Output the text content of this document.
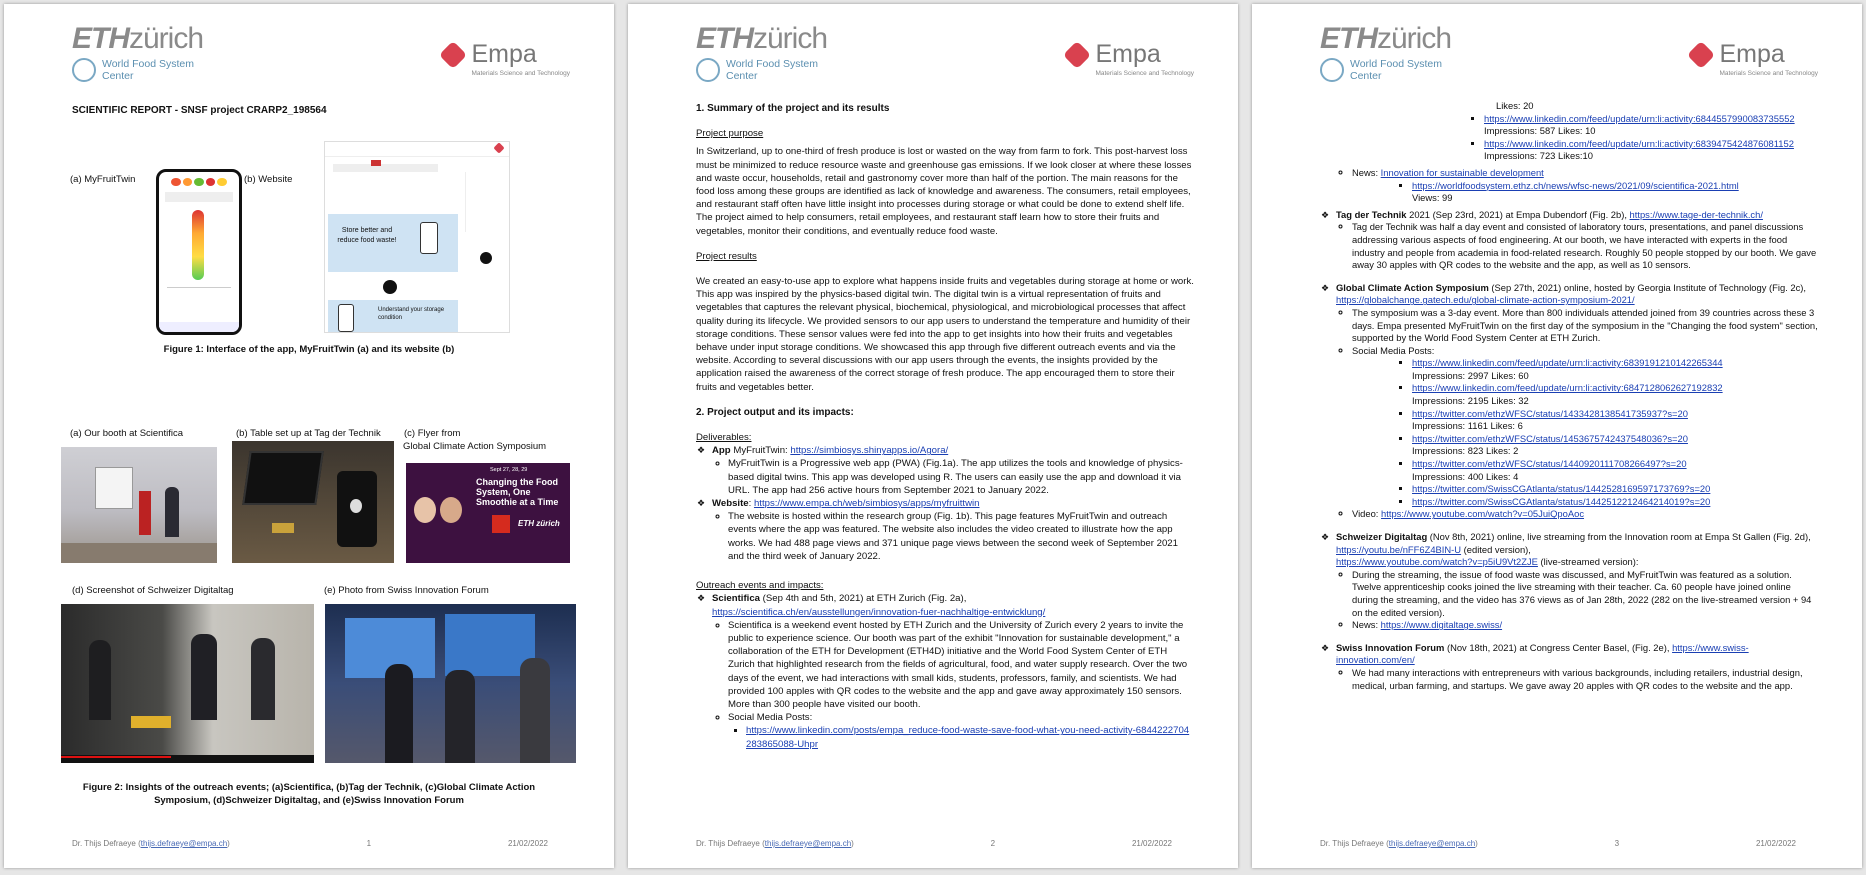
ETHzürich
World Food System
Center
Empa
Materials Science and Technology
SCIENTIFIC REPORT - SNSF project CRARP2_198564
(a) MyFruitTwin	(b) Website
Store better and reduce food waste!
Understand your storage condition
Figure 1: Interface of the app, MyFruitTwin (a) and its website (b)
(a) Our booth at Scientifica	(b) Table set up at Tag der Technik (c) Flyer from
Global Climate Action Symposium
Sept 27, 28, 29
Changing the Food System, One Smoothie at a Time
ETH zürich
(d) Screenshot of Schweizer Digitaltag	(e) Photo from Swiss Innovation Forum
Figure 2: Insights of the outreach events; (a)Scientifica, (b)Tag der Technik, (c)Global Climate Action
Symposium, (d)Schweizer Digitaltag, and (e)Swiss Innovation Forum
Dr. Thijs Defraeye (thijs.defraeye@empa.ch)	1	21/02/2022
ETHzürich
World Food System
Center
Empa
Materials Science and Technology
1. Summary of the project and its results

Project purpose

In Switzerland, up to one-third of fresh produce is lost or wasted on the way from farm to fork. This post-harvest loss must be minimized to reduce resource waste and greenhouse gas emissions. If we look closer at where these losses and waste occur, households, retail and gastronomy cover more than half of the portion. The main reasons for the food loss among these groups are identified as lack of knowledge and awareness. The consumers, retail employees, and restaurant staff often have little insight into processes during storage or what could be done to extend shelf life. The project aimed to help consumers, retail employees, and restaurant staff learn how to store their fruits and vegetables, monitor their conditions, and eventually reduce food waste.

Project results

We created an easy-to-use app to explore what happens inside fruits and vegetables during storage at home or work. This app was inspired by the physics-based digital twin. The digital twin is a virtual representation of fruits and vegetables that captures the relevant physical, biochemical, physiological, and microbiological processes that affect quality during its lifecycle. We provided sensors to our app users to understand the temperature and humidity of their storage conditions. These sensor values were fed into the app to get insights into how their fruits and vegetables behave under input storage conditions. We showcased this app through five different outreach events and via the website. According to several discussions with our app users through the events, the insights provided by the application raised the awareness of the correct storage of fresh produce. The app encouraged them to store their fruits and vegetables better.

2. Project output and its impacts:

Deliverables:

❖ App MyFruitTwin: https://simbiosys.shinyapps.io/Agora/
◦ MyFruitTwin is a Progressive web app (PWA) (Fig.1a). The app utilizes the tools and knowledge of physics-based digital twins. This app was developed using R. The users can easily use the app and download it via URL. The app had 256 active hours from September 2021 to January 2022.
❖ Website: https://www.empa.ch/web/simbiosys/apps/myfruittwin
◦ The website is hosted within the research group (Fig. 1b). This page features MyFruitTwin and outreach events where the app was featured. The website also includes the video created to illustrate how the app works. We had 488 page views and 371 unique page views between the second week of September 2021 and the third week of January 2022.

Outreach events and impacts:

❖ Scientifica (Sep 4th and 5th, 2021) at ETH Zurich (Fig. 2a),
https://scientifica.ch/en/ausstellungen/innovation-fuer-nachhaltige-entwicklung/
◦ Scientifica is a weekend event hosted by ETH Zurich and the University of Zurich every 2 years to invite the public to experience science. Our booth was part of the exhibit "Innovation for sustainable development," a collaboration of the ETH for Development (ETH4D) initiative and the World Food System Center of ETH Zurich that highlighted research from the fields of agricultural, food, and water supply research. Over the two days of the event, we had interactions with small kids, students, professors, family, and scientists. We had provided 100 apples with QR codes to the website and the app and gave away approximately 150 sensors. More than 300 people have visited our booth.
◦ Social Media Posts:
▪ https://www.linkedin.com/posts/empa_reduce-food-waste-save-food-what-you-need-activity-6844222704283865088-Uhpr
Dr. Thijs Defraeye (thijs.defraeye@empa.ch)	2	21/02/2022
ETHzürich
World Food System
Center
Empa
Materials Science and Technology
Likes: 20
▪ https://www.linkedin.com/feed/update/urn:li:activity:6844557990083735552
Impressions: 587 Likes: 10
▪ https://www.linkedin.com/feed/update/urn:li:activity:6839475424876081152
Impressions: 723 Likes:10
◦ News: Innovation for sustainable development
▪ https://worldfoodsystem.ethz.ch/news/wfsc-news/2021/09/scientifica-2021.html
Views: 99
❖ Tag der Technik 2021 (Sep 23rd, 2021) at Empa Dubendorf (Fig. 2b), https://www.tage-der-technik.ch/
◦ Tag der Technik was half a day event and consisted of laboratory tours, presentations, and panel discussions addressing various aspects of food engineering. At our booth, we have interacted with experts in the food industry and people from academia in food-related research. Roughly 50 people stopped by our booth. We gave away 30 apples with QR codes to the website and the app, as well as 10 sensors.
❖ Global Climate Action Symposium (Sep 27th, 2021) online, hosted by Georgia Institute of Technology (Fig. 2c), https://globalchange.gatech.edu/global-climate-action-symposium-2021/
◦ The symposium was a 3-day event. More than 800 individuals attended joined from 39 countries across these 3 days. Empa presented MyFruitTwin on the first day of the symposium in the "Changing the food system" section, supported by the World Food System Center at ETH Zurich.
◦ Social Media Posts:
▪ https://www.linkedin.com/feed/update/urn:li:activity:6839191210142265344
Impressions: 2997 Likes: 60
▪ https://www.linkedin.com/feed/update/urn:li:activity:6847128062627192832
Impressions: 2195 Likes: 32
▪ https://twitter.com/ethzWFSC/status/1433428138541735937?s=20
Impressions: 1161 Likes: 6
▪ https://twitter.com/ethzWFSC/status/1453675742437548036?s=20
Impressions: 823 Likes: 2
▪ https://twitter.com/ethzWFSC/status/1440920111708266497?s=20
Impressions: 400 Likes: 4
▪ https://twitter.com/SwissCGAtlanta/status/1442528169597173769?s=20
▪ https://twitter.com/SwissCGAtlanta/status/1442512212464214019?s=20
◦ Video: https://www.youtube.com/watch?v=05JuiQpoAoc
❖ Schweizer Digitaltag (Nov 8th, 2021) online, live streaming from the Innovation room at Empa St Gallen (Fig. 2d), https://youtu.be/nFF6Z4BIN-U (edited version),
https://www.youtube.com/watch?v=p5iU9Vt2ZJE (live-streamed version):
◦ During the streaming, the issue of food waste was discussed, and MyFruitTwin was featured as a solution. Twelve apprenticeship cooks joined the live streaming with their teacher. Ca. 60 people have joined online during the streaming, and the video has 376 views as of Jan 28th, 2022 (282 on the live-streamed version + 94 on the edited version).
◦ News: https://www.digitaltage.swiss/
❖ Swiss Innovation Forum (Nov 18th, 2021) at Congress Center Basel, (Fig. 2e), https://www.swiss-innovation.com/en/
◦ We had many interactions with entrepreneurs with various backgrounds, including retailers, industrial design, medical, urban farming, and startups. We gave away 20 apples with QR codes to the website and the app.
Dr. Thijs Defraeye (thijs.defraeye@empa.ch)	3	21/02/2022
